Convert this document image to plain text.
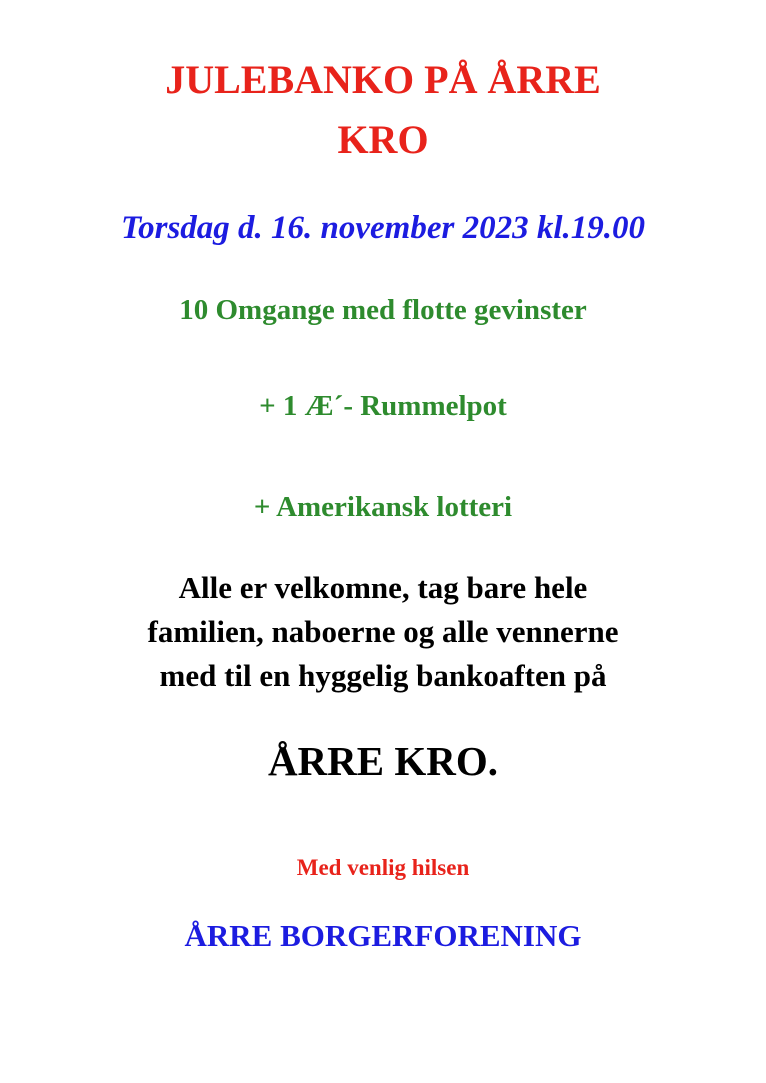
JULEBANKO PÅ ÅRRE
KRO

Torsdag d. 16. november 2023 kl.19.00

10 Omgange med flotte gevinster

+ 1 Æ´- Rummelpot

+ Amerikansk lotteri

Alle er velkomne, tag bare hele
familien, naboerne og alle vennerne
med til en hyggelig bankoaften på

ÅRRE KRO.

Med venlig hilsen

ÅRRE BORGERFORENING
